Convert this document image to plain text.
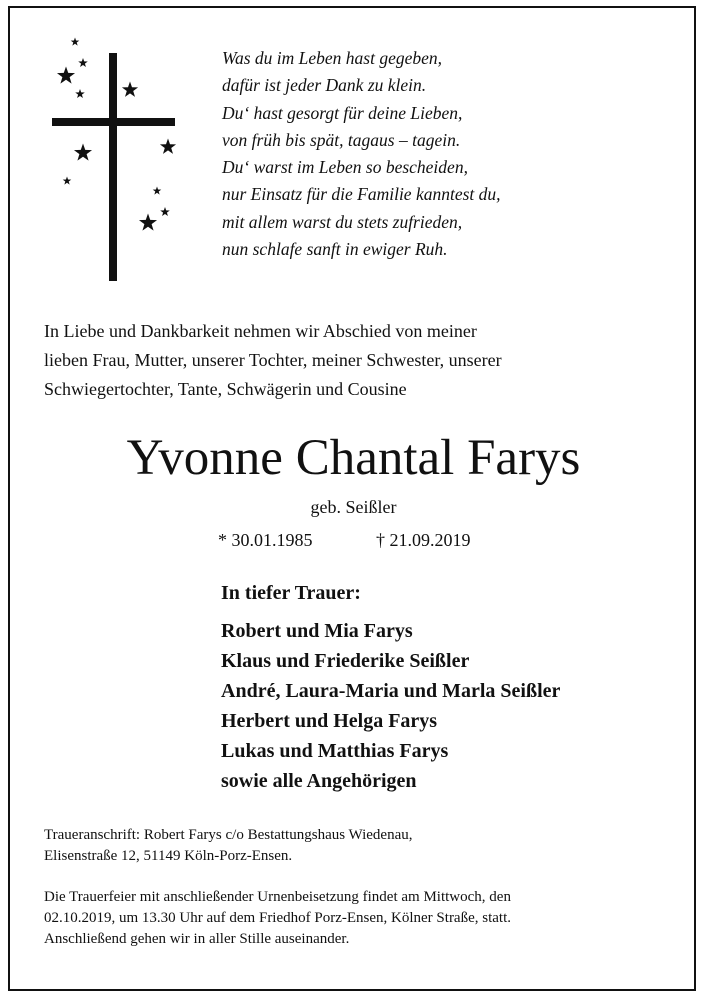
Was du im Leben hast gegeben,
dafür ist jeder Dank zu klein.
Du‘ hast gesorgt für deine Lieben,
von früh bis spät, tagaus – tagein.
Du‘ warst im Leben so bescheiden,
nur Einsatz für die Familie kanntest du,
mit allem warst du stets zufrieden,
nun schlafe sanft in ewiger Ruh.
In Liebe und Dankbarkeit nehmen wir Abschied von meiner
lieben Frau, Mutter, unserer Tochter, meiner Schwester, unserer
Schwiegertochter, Tante, Schwägerin und Cousine
Yvonne Chantal Farys
geb. Seißler
* 30.01.1985	† 21.09.2019
In tiefer Trauer:
Robert und Mia Farys
Klaus und Friederike Seißler
André, Laura-Maria und Marla Seißler
Herbert und Helga Farys
Lukas und Matthias Farys
sowie alle Angehörigen
Traueranschrift: Robert Farys c/o Bestattungshaus Wiedenau,
Elisenstraße 12, 51149 Köln-Porz-Ensen.
Die Trauerfeier mit anschließender Urnenbeisetzung findet am Mittwoch, den
02.10.2019, um 13.30 Uhr auf dem Friedhof Porz-Ensen, Kölner Straße, statt.
Anschließend gehen wir in aller Stille auseinander.
